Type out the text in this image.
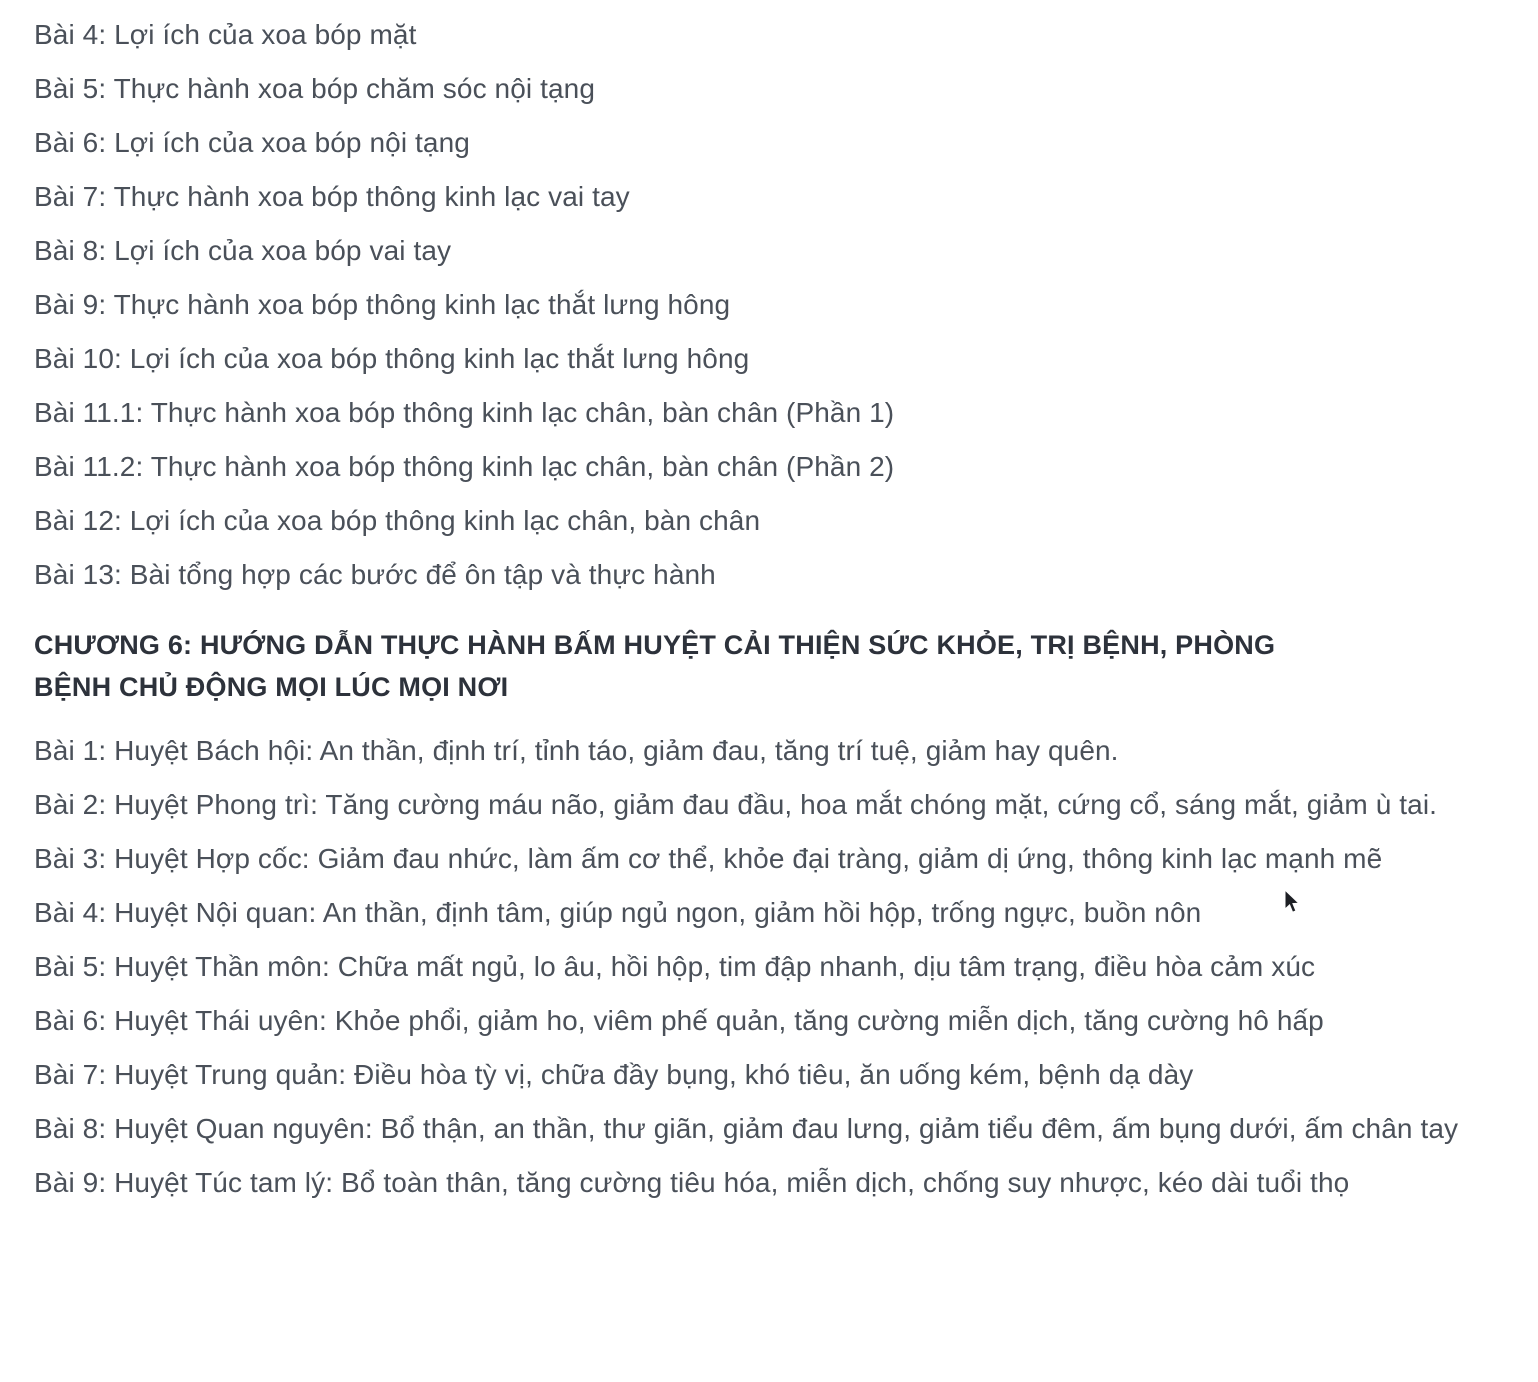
Bài 4: Lợi ích của xoa bóp mặt
Bài 5: Thực hành xoa bóp chăm sóc nội tạng
Bài 6: Lợi ích của xoa bóp nội tạng
Bài 7: Thực hành xoa bóp thông kinh lạc vai tay
Bài 8: Lợi ích của xoa bóp vai tay
Bài 9: Thực hành xoa bóp thông kinh lạc thắt lưng hông
Bài 10: Lợi ích của xoa bóp thông kinh lạc thắt lưng hông
Bài 11.1: Thực hành xoa bóp thông kinh lạc chân, bàn chân (Phần 1)
Bài 11.2: Thực hành xoa bóp thông kinh lạc chân, bàn chân (Phần 2)
Bài 12: Lợi ích của xoa bóp thông kinh lạc chân, bàn chân
Bài 13: Bài tổng hợp các bước để ôn tập và thực hành
CHƯƠNG 6: HƯỚNG DẪN THỰC HÀNH BẤM HUYỆT CẢI THIỆN SỨC KHỎE, TRỊ BỆNH, PHÒNG BỆNH CHỦ ĐỘNG MỌI LÚC MỌI NƠI
Bài 1: Huyệt Bách hội: An thần, định trí, tỉnh táo, giảm đau, tăng trí tuệ, giảm hay quên.
Bài 2: Huyệt Phong trì: Tăng cường máu não, giảm đau đầu, hoa mắt chóng mặt, cứng cổ, sáng mắt, giảm ù tai.
Bài 3: Huyệt Hợp cốc: Giảm đau nhức, làm ấm cơ thể, khỏe đại tràng, giảm dị ứng, thông kinh lạc mạnh mẽ
Bài 4: Huyệt Nội quan: An thần, định tâm, giúp ngủ ngon, giảm hồi hộp, trống ngực, buồn nôn
Bài 5: Huyệt Thần môn: Chữa mất ngủ, lo âu, hồi hộp, tim đập nhanh, dịu tâm trạng, điều hòa cảm xúc
Bài 6: Huyệt Thái uyên: Khỏe phổi, giảm ho, viêm phế quản, tăng cường miễn dịch, tăng cường hô hấp
Bài 7: Huyệt Trung quản: Điều hòa tỳ vị, chữa đầy bụng, khó tiêu, ăn uống kém, bệnh dạ dày
Bài 8: Huyệt Quan nguyên: Bổ thận, an thần, thư giãn, giảm đau lưng, giảm tiểu đêm, ấm bụng dưới, ấm chân tay
Bài 9: Huyệt Túc tam lý: Bổ toàn thân, tăng cường tiêu hóa, miễn dịch, chống suy nhược, kéo dài tuổi thọ
